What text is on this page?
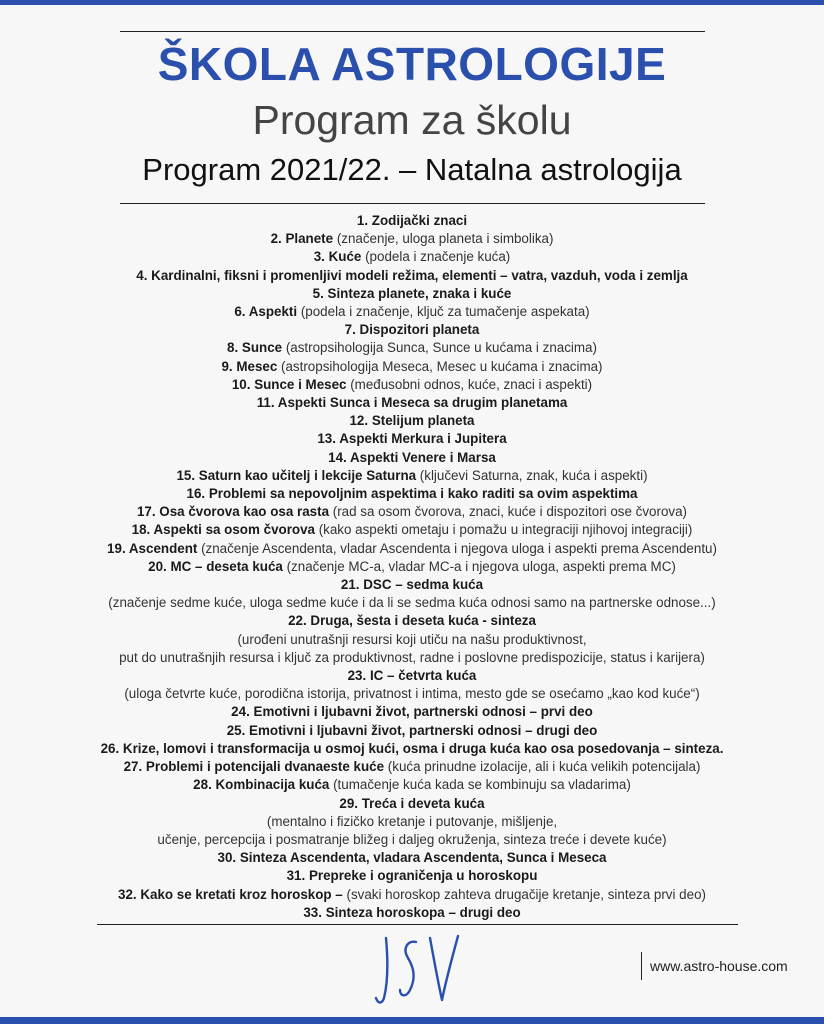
ŠKOLA ASTROLOGIJE
Program za školu
Program 2021/22. – Natalna astrologija
1. Zodijački znaci
2. Planete (značenje, uloga planeta i simbolika)
3. Kuće (podela i značenje kuća)
4. Kardinalni, fiksni i promenljivi modeli režima, elementi – vatra, vazduh, voda i zemlja
5. Sinteza planete, znaka i kuće
6. Aspekti (podela i značenje, ključ za tumačenje aspekata)
7. Dispozitori planeta
8. Sunce (astropsihologija Sunca, Sunce u kućama i znacima)
9. Mesec (astropsihologija Meseca, Mesec u kućama i znacima)
10. Sunce i Mesec (međusobni odnos, kuće, znaci i aspekti)
11. Aspekti Sunca i Meseca sa drugim planetama
12. Stelijum planeta
13. Aspekti Merkura i Jupitera
14. Aspekti Venere i Marsa
15. Saturn kao učitelj i lekcije Saturna (ključevi Saturna, znak, kuća i aspekti)
16. Problemi sa nepovoljnim aspektima i kako raditi sa ovim aspektima
17. Osa čvorova kao osa rasta (rad sa osom čvorova, znaci, kuće i dispozitori ose čvorova)
18. Aspekti sa osom čvorova (kako aspekti ometaju i pomažu u integraciji njihovoj integraciji)
19. Ascendent (značenje Ascendenta, vladar Ascendenta i njegova uloga i aspekti prema Ascendentu)
20. MC – deseta kuća (značenje MC-a, vladar MC-a i njegova uloga, aspekti prema MC)
21. DSC – sedma kuća
(značenje sedme kuće, uloga sedme kuće i da li se sedma kuća odnosi samo na partnerske odnose...)
22. Druga, šesta i deseta kuća - sinteza
(urođeni unutrašnji resursi koji utiču na našu produktivnost,
put do unutrašnjih resursa i ključ za produktivnost, radne i poslovne predispozicije, status i karijera)
23. IC – četvrta kuća
(uloga četvrte kuće, porodična istorija, privatnost i intima, mesto gde se osećamo „kao kod kuće“)
24. Emotivni i ljubavni život, partnerski odnosi – prvi deo
25. Emotivni i ljubavni život, partnerski odnosi – drugi deo
26. Krize, lomovi i transformacija u osmoj kući, osma i druga kuća kao osa posedovanja – sinteza.
27. Problemi i potencijali dvanaeste kuće (kuća prinudne izolacije, ali i kuća velikih potencijala)
28. Kombinacija kuća (tumačenje kuća kada se kombinuju sa vladarima)
29. Treća i deveta kuća
(mentalno i fizičko kretanje i putovanje, mišljenje,
učenje, percepcija i posmatranje bližeg i daljeg okruženja, sinteza treće i devete kuće)
30. Sinteza Ascendenta, vladara Ascendenta, Sunca i Meseca
31. Prepreke i ograničenja u horoskopu
32. Kako se kretati kroz horoskop – (svaki horoskop zahteva drugačije kretanje, sinteza prvi deo)
33. Sinteza horoskopa – drugi deo
www.astro-house.com
